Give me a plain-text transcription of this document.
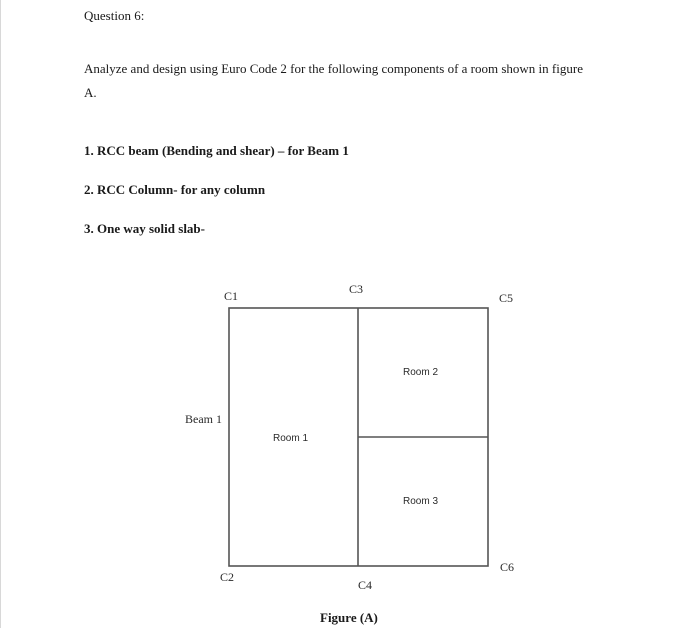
Question 6:
Analyze and design using Euro Code 2 for the following components of a room shown in figure
A.
1. RCC beam (Bending and shear) – for Beam 1
2. RCC Column- for any column
3. One way solid slab-
C1	C3
C5
C2
C4
C6
Beam 1
Room 1
Room 2
Room 3
Figure (A)
